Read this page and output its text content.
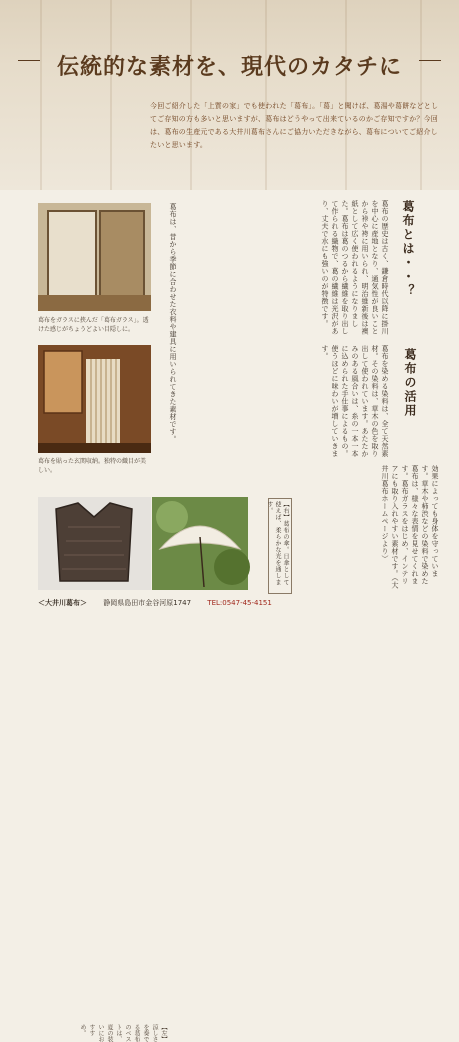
伝統的な素材を、現代のカタチに
今回ご紹介した「上質の家」でも使われた「葛布」。「葛」と聞けば、葛湯や葛餅などとしてご存知の方も多いと思いますが、葛布はどうやって出来ているのかご存知ですか？今回は、葛布の生産元である大井川葛布さんにご協力いただきながら、葛布についてご紹介したいと思います。
葛布をガラスに挟んだ「葛布ガラス」。透けた感じがちょうどよい目隠しに。
葛布を貼った玄関収納。独特の織目が美しい。
【左】涼しさを奏でる葛布のベストは、夏の装いにおすすめ。
葛布とは・・？
葛布の歴史は古く、鎌倉時代以降に掛川を中心に産地となり、通気性が良いことから裃や袴に用いられ、明治維新後は襖紙として広く使われるようになりました。葛布は葛のつるから繊維を取り出して作られる織物で、葛の繊維は光沢があり、丈夫で水にも強いのが特徴です。
葛布の活用
葛布を染める染料は、全て天然素材。その染料は、草木の色を取り出して使われています。あたたかみのある風合いは、糸の一本一本に込められた手仕事によるもの。使うほどに味わいが増していきます。
葛布は、昔から季節に合わせた衣料や建具に用いられてきた素材です。
効果によっても身体を守っています。草木や柿渋などの染料で染めた葛布は、様々な表情を見せてくれます。葛布ガラスをはじめ、インテリアにも取り入れやすい素材です。（大井川葛布ホームページより）
【右】葛布の傘。日傘として使えば、柔らかな光を通します。
＜大井川葛布＞ 静岡県島田市金谷河原1747 TEL:0547-45-4151
